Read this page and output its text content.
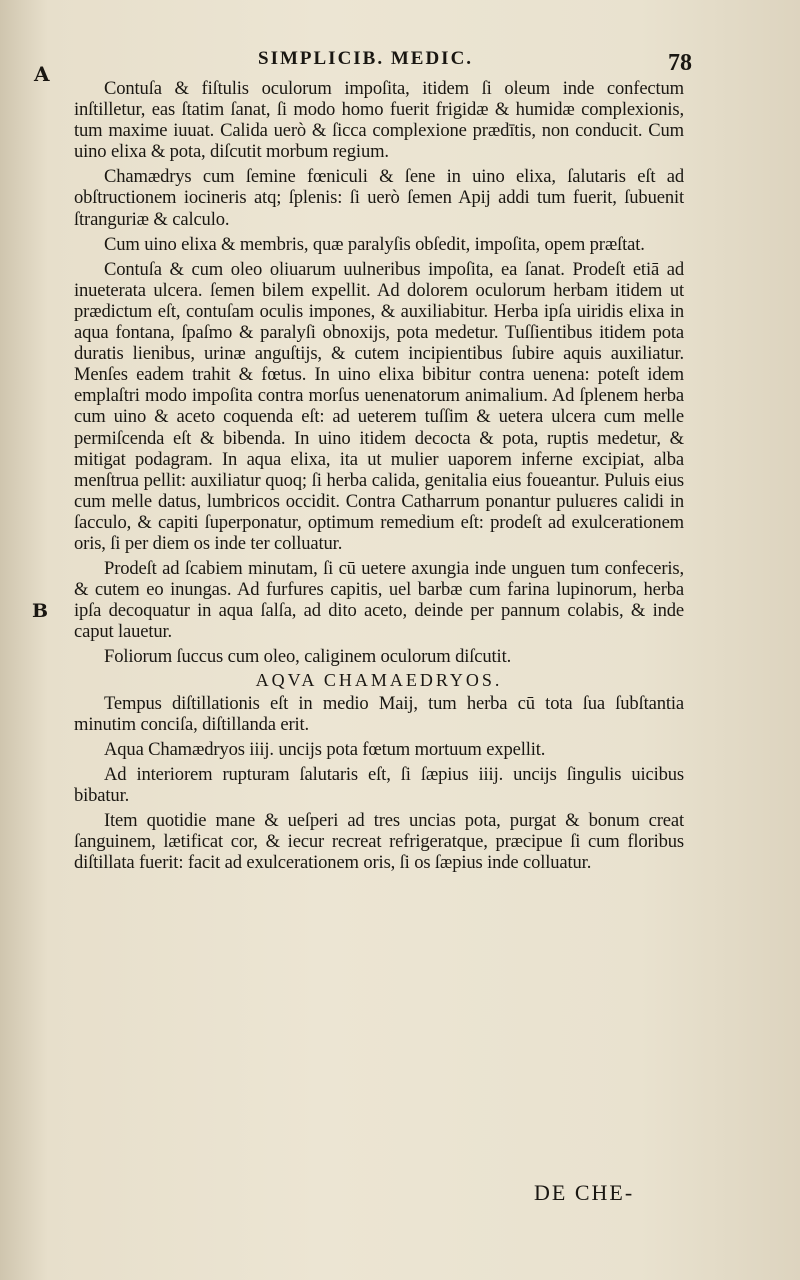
A
SIMPLICIB. MEDIC.	78
B

Contuſa & fiſtulis oculorum impoſita, itidem ſi oleum inde confectum inſtilletur, eas ſtatim ſanat, ſi modo homo fuerit frigidæ & humidæ complexionis, tum maxime iuuat. Calida uerò & ſicca complexione prædītis, non conducit. Cum uino elixa & pota, diſcutit morbum regium.

Chamædrys cum ſemine fœniculi & ſene in uino elixa, ſalutaris eſt ad obſtructionem iocineris atq; ſplenis: ſi uerò ſemen Apij addi tum fuerit, ſubuenit ſtranguriæ & calculo.

Cum uino elixa & membris, quæ paralyſis obſedit, impoſita, opem præſtat.

Contuſa & cum oleo oliuarum uulneribus impoſita, ea ſanat. Prodeſt etiā ad inueterata ulcera. ſemen bilem expellit. Ad dolorem oculorum herbam itidem ut prædictum eſt, contuſam oculis impones, & auxiliabitur. Herba ipſa uiridis elixa in aqua fontana, ſpaſmo & paralyſi obnoxijs, pota medetur. Tuſſientibus itidem pota duratis lienibus, urinæ anguſtijs, & cutem incipientibus ſubire aquis auxiliatur. Menſes eadem trahit & fœtus. In uino elixa bibitur contra uenena: poteſt idem emplaſtri modo impoſita contra morſus uenenatorum animalium. Ad ſplenem herba cum uino & aceto coquenda eſt: ad ueterem tuſſim & uetera ulcera cum melle permiſcenda eſt & bibenda. In uino itidem decocta & pota, ruptis medetur, & mitigat podagram. In aqua elixa, ita ut mulier uaporem inferne excipiat, alba menſtrua pellit: auxiliatur quoq; ſi herba calida, genitalia eius foueantur. Puluis eius cum melle datus, lumbricos occidit. Contra Catharrum ponantur puluεres calidi in ſacculo, & capiti ſuperponatur, optimum remedium eſt: prodeſt ad exulcerationem oris, ſi per diem os inde ter colluatur.

Prodeſt ad ſcabiem minutam, ſi cū uetere axungia inde unguen tum confeceris, & cutem eo inungas. Ad furfures capitis, uel barbæ cum farina lupinorum, herba ipſa decoquatur in aqua ſalſa, ad dito aceto, deinde per pannum colabis, & inde caput lauetur.

Foliorum ſuccus cum oleo, caliginem oculorum diſcutit.

AQVA CHAMAEDRYOS.

Tempus diſtillationis eſt in medio Maij, tum herba cū tota ſua ſubſtantia minutim conciſa, diſtillanda erit.

Aqua Chamædryos iiij. uncijs pota fœtum mortuum expellit.

Ad interiorem rupturam ſalutaris eſt, ſi ſæpius iiij. uncijs ſingulis uicibus bibatur.

Item quotidie mane & ueſperi ad tres uncias pota, purgat & bonum creat ſanguinem, lætificat cor, & iecur recreat refrigeratque, præcipue ſi cum floribus diſtillata fuerit: facit ad exulcerationem oris, ſi os ſæpius inde colluatur.

DE CHE-
